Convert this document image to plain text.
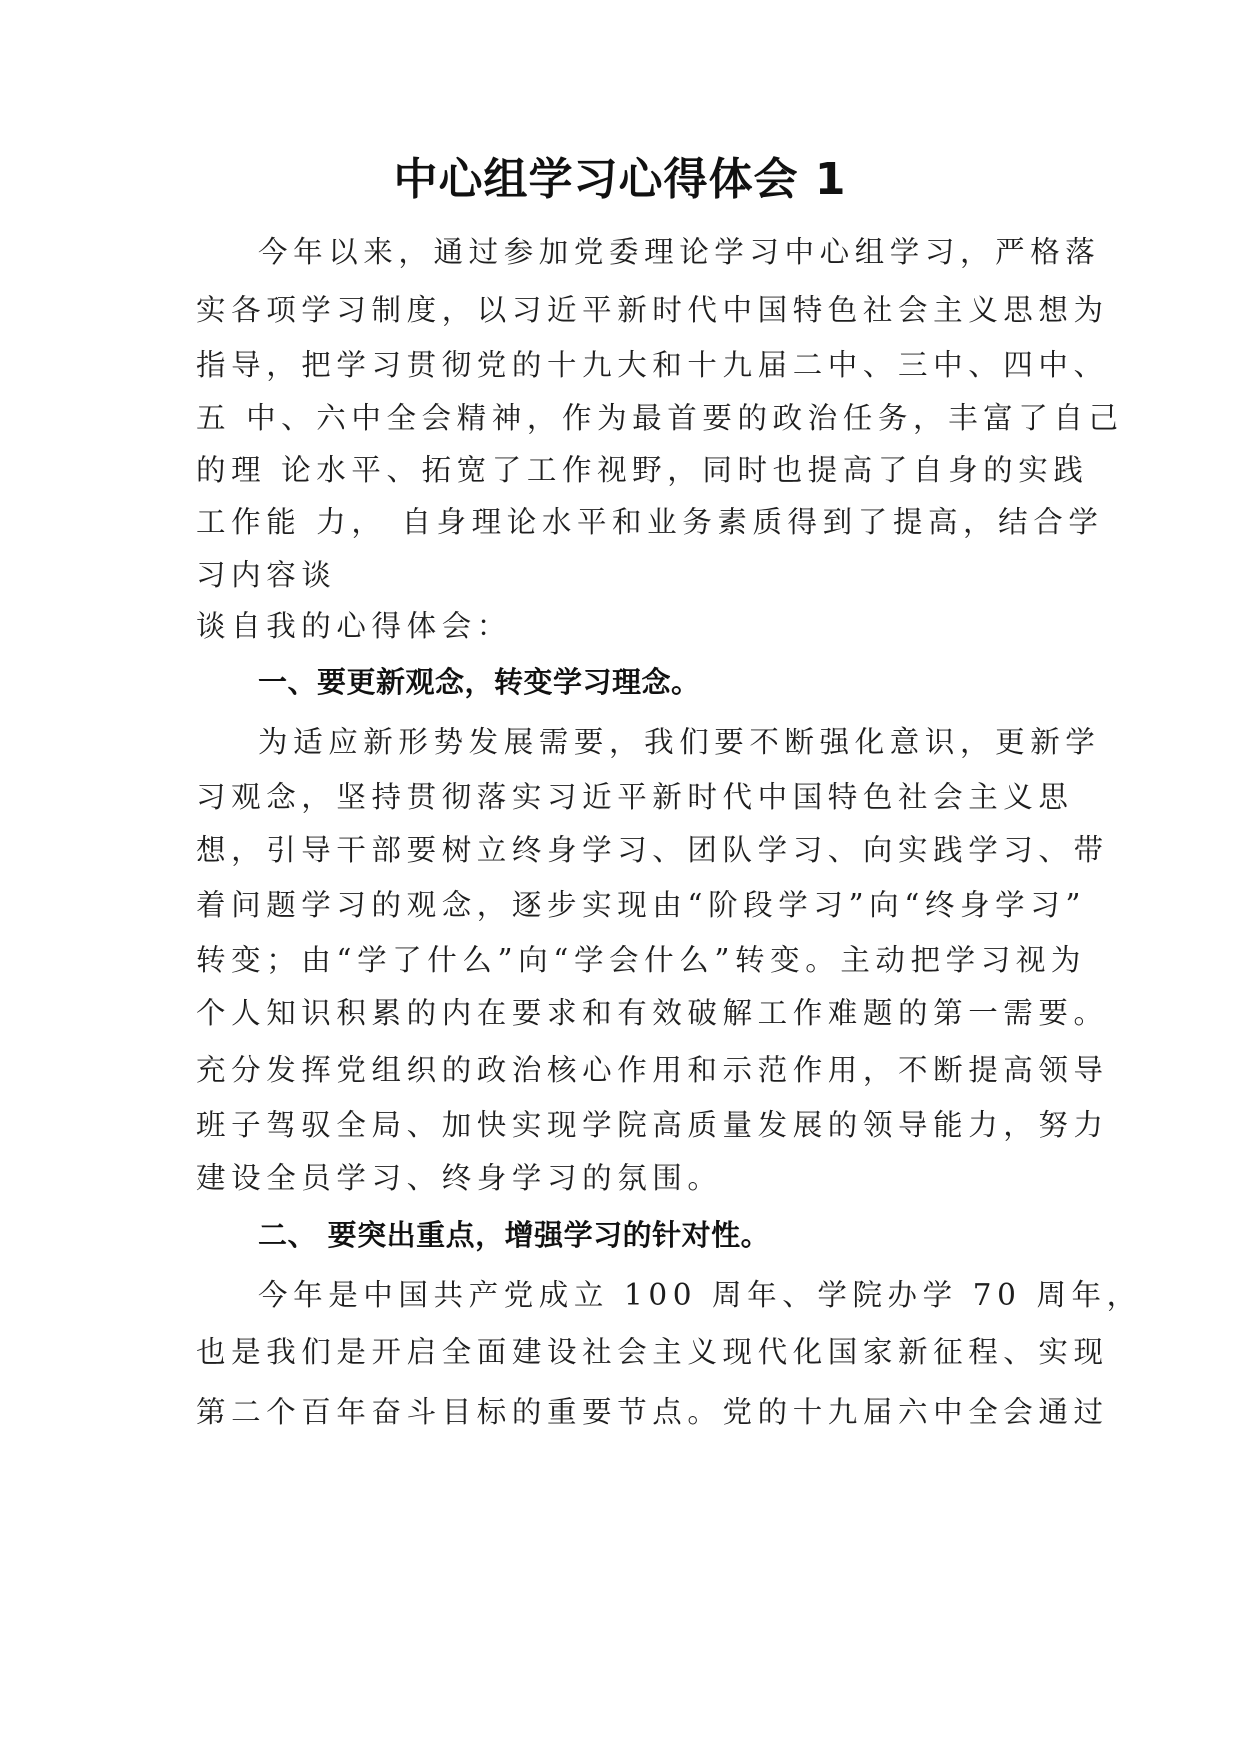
中心组学习心得体会 1
今年以来，通过参加党委理论学习中心组学习，严格落
实各项学习制度，以习近平新时代中国特色社会主义思想为
指导，把学习贯彻党的十九大和十九届二中、三中、四中、
五 中、六中全会精神，作为最首要的政治任务，丰富了自己
的理 论水平、拓宽了工作视野，同时也提高了自身的实践
工作能 力， 自身理论水平和业务素质得到了提高，结合学
习内容谈
谈自我的心得体会：
一、要更新观念，转变学习理念。
为适应新形势发展需要，我们要不断强化意识，更新学
习观念，坚持贯彻落实习近平新时代中国特色社会主义思
想，引导干部要树立终身学习、团队学习、向实践学习、带
着问题学习的观念，逐步实现由“阶段学习”向“终身学习”
转变；由“学了什么”向“学会什么”转变。主动把学习视为
个人知识积累的内在要求和有效破解工作难题的第一需要。
充分发挥党组织的政治核心作用和示范作用，不断提高领导
班子驾驭全局、加快实现学院高质量发展的领导能力，努力
建设全员学习、终身学习的氛围。
二、 要突出重点，增强学习的针对性。
今年是中国共产党成立 100 周年、学院办学 70 周年，
也是我们是开启全面建设社会主义现代化国家新征程、实现
第二个百年奋斗目标的重要节点。党的十九届六中全会通过
